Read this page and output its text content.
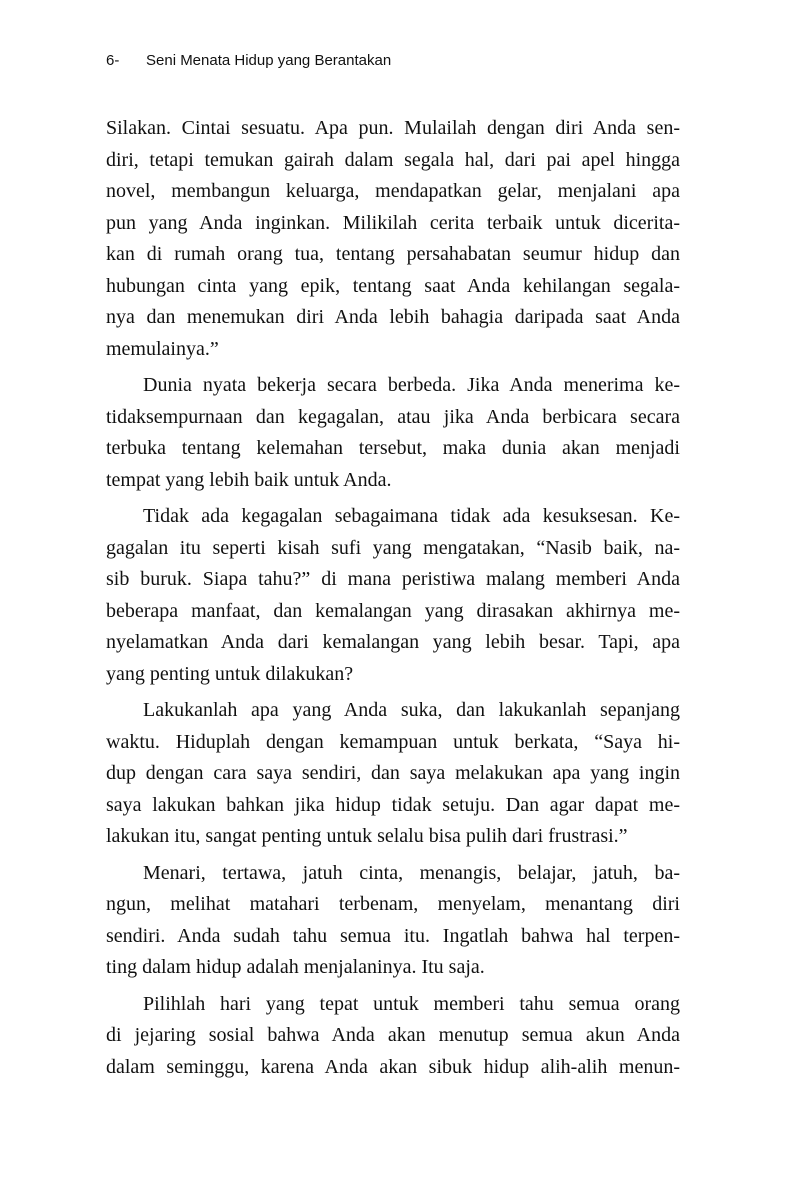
6- Seni Menata Hidup yang Berantakan
Silakan. Cintai sesuatu. Apa pun. Mulailah dengan diri Anda sen-
diri, tetapi temukan gairah dalam segala hal, dari pai apel hingga
novel, membangun keluarga, mendapatkan gelar, menjalani apa
pun yang Anda inginkan. Milikilah cerita terbaik untuk dicerita-
kan di rumah orang tua, tentang persahabatan seumur hidup dan
hubungan cinta yang epik, tentang saat Anda kehilangan segala-
nya dan menemukan diri Anda lebih bahagia daripada saat Anda
memulainya.”
Dunia nyata bekerja secara berbeda. Jika Anda menerima ke-
tidaksempurnaan dan kegagalan, atau jika Anda berbicara secara
terbuka tentang kelemahan tersebut, maka dunia akan menjadi
tempat yang lebih baik untuk Anda.
Tidak ada kegagalan sebagaimana tidak ada kesuksesan. Ke-
gagalan itu seperti kisah sufi yang mengatakan, “Nasib baik, na-
sib buruk. Siapa tahu?” di mana peristiwa malang memberi Anda
beberapa manfaat, dan kemalangan yang dirasakan akhirnya me-
nyelamatkan Anda dari kemalangan yang lebih besar. Tapi, apa
yang penting untuk dilakukan?
Lakukanlah apa yang Anda suka, dan lakukanlah sepanjang
waktu. Hiduplah dengan kemampuan untuk berkata, “Saya hi-
dup dengan cara saya sendiri, dan saya melakukan apa yang ingin
saya lakukan bahkan jika hidup tidak setuju. Dan agar dapat me-
lakukan itu, sangat penting untuk selalu bisa pulih dari frustrasi.”
Menari, tertawa, jatuh cinta, menangis, belajar, jatuh, ba-
ngun, melihat matahari terbenam, menyelam, menantang diri
sendiri. Anda sudah tahu semua itu. Ingatlah bahwa hal terpen-
ting dalam hidup adalah menjalaninya. Itu saja.
Pilihlah hari yang tepat untuk memberi tahu semua orang
di jejaring sosial bahwa Anda akan menutup semua akun Anda
dalam seminggu, karena Anda akan sibuk hidup alih-alih menun-
